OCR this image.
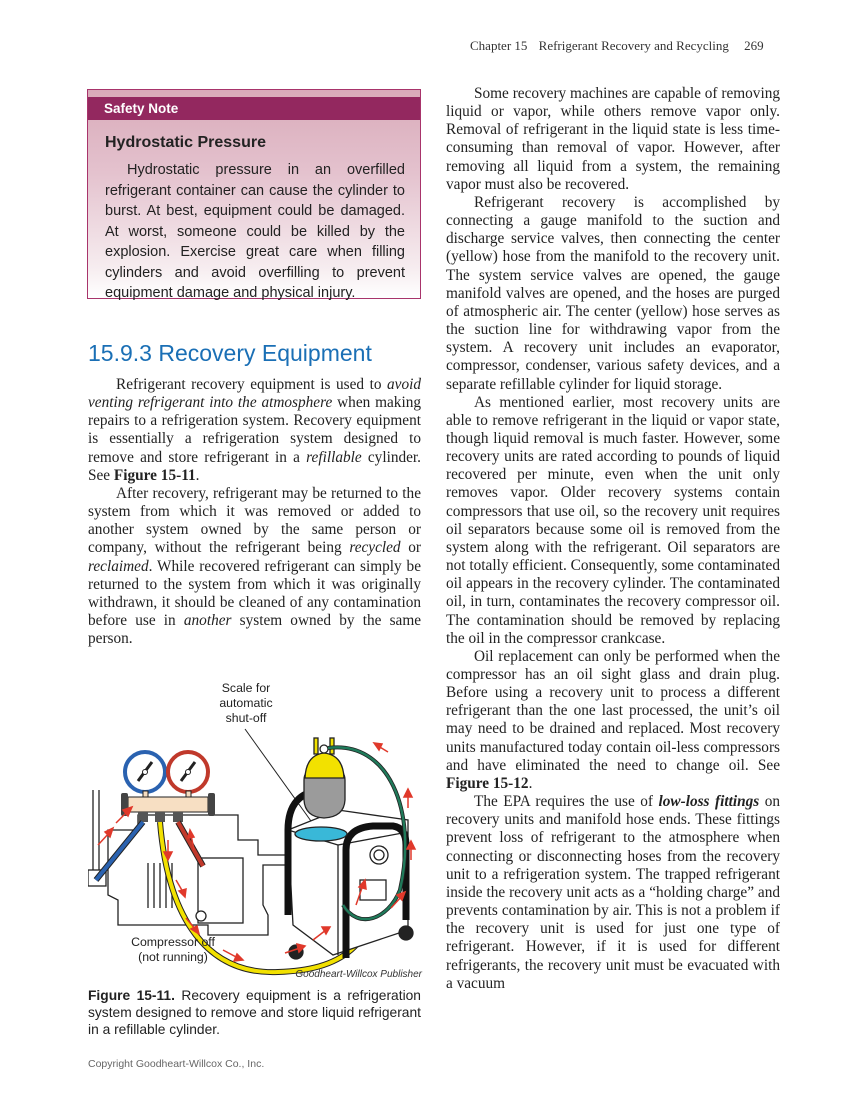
Chapter 15 Refrigerant Recovery and Recycling 269
Safety Note
Hydrostatic Pressure
Hydrostatic pressure in an overfilled refrigerant container can cause the cylinder to burst. At best, equipment could be damaged. At worst, someone could be killed by the explosion. Exercise great care when filling cylinders and avoid overfilling to prevent equipment damage and physical injury.
15.9.3 Recovery Equipment

Refrigerant recovery equipment is used to avoid venting refrigerant into the atmosphere when making repairs to a refrigeration system. Recovery equipment is essentially a refrigeration system designed to remove and store refrigerant in a refillable cylinder. See Figure 15-11.

After recovery, refrigerant may be returned to the system from which it was removed or added to another system owned by the same person or company, without the refrigerant being recycled or reclaimed. While recovered refrigerant can simply be returned to the system from which it was originally withdrawn, it should be cleaned of any contamination before use in another system owned by the same person.

Some recovery machines are capable of removing liquid or vapor, while others remove vapor only. Removal of refrigerant in the liquid state is less time-consuming than removal of vapor. However, after removing all liquid from a system, the remaining vapor must also be recovered.

Refrigerant recovery is accomplished by connecting a gauge manifold to the suction and discharge service valves, then connecting the center (yellow) hose from the manifold to the recovery unit. The system service valves are opened, the gauge manifold valves are opened, and the hoses are purged of atmospheric air. The center (yellow) hose serves as the suction line for withdrawing vapor from the system. A recovery unit includes an evaporator, compressor, condenser, various safety devices, and a separate refillable cylinder for liquid storage.

As mentioned earlier, most recovery units are able to remove refrigerant in the liquid or vapor state, though liquid removal is much faster. However, some recovery units are rated according to pounds of liquid recovered per minute, even when the unit only removes vapor. Older recovery systems contain compressors that use oil, so the recovery unit requires oil separators because some oil is removed from the system along with the refrigerant. Oil separators are not totally efficient. Consequently, some contaminated oil appears in the recovery cylinder. The contaminated oil, in turn, contaminates the recovery compressor oil. The contamination should be removed by replacing the oil in the compressor crankcase.

Oil replacement can only be performed when the compressor has an oil sight glass and drain plug. Before using a recovery unit to process a different refrigerant than the one last processed, the unit’s oil may need to be drained and replaced. Most recovery units manufactured today contain oil-less compressors and have eliminated the need to change oil. See Figure 15-12.

The EPA requires the use of low-loss fittings on recovery units and manifold hose ends. These fittings prevent loss of refrigerant to the atmosphere when connecting or disconnecting hoses from the recovery unit to a refrigeration system. The trapped refrigerant inside the recovery unit acts as a “holding charge” and prevents contamination by air. This is not a problem if the recovery unit is used for just one type of refrigerant. However, if it is used for different refrigerants, the recovery unit must be evacuated with a vacuum

Scale for
automatic
shut-off
Compressor off
(not running)
Goodheart-Willcox Publisher
Figure 15-11. Recovery equipment is a refrigeration system designed to remove and store liquid refrigerant in a refillable cylinder.
Copyright Goodheart-Willcox Co., Inc.
